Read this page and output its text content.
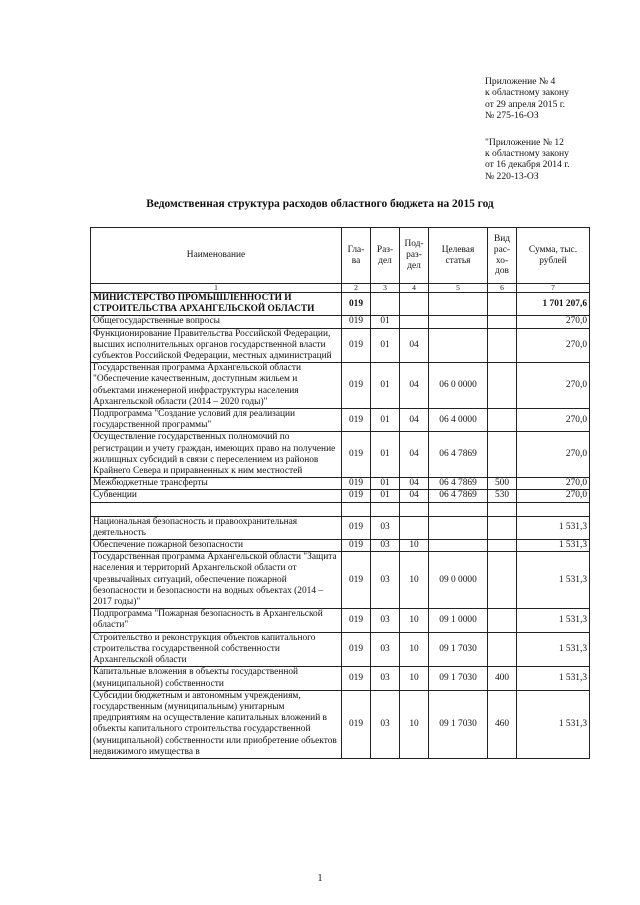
Приложение № 4
к областному закону
от 29 апреля 2015 г.
№ 275-16-ОЗ
"Приложение № 12
к областному закону
от 16 декабря 2014 г.
№ 220-13-ОЗ
Ведомственная структура расходов областного бюджета на 2015 год
Наименование	Гла-ва	Раз-дел	Под-раз-дел	Целевая статья	Вид рас-хо-дов	Сумма, тыс. рублей
1	2	3	4	5	6	7
МИНИСТЕРСТВО ПРОМЫШЛЕННОСТИ И СТРОИТЕЛЬСТВА АРХАНГЕЛЬСКОЙ ОБЛАСТИ	019					1 701 207,6
Общегосударственные вопросы	019	01				270,0
Функционирование Правительства Российской Федерации, высших исполнительных органов государственной власти субъектов Российской Федерации, местных администраций	019	01	04			270,0
Государственная программа Архангельской области "Обеспечение качественным, доступным жильем и объектами инженерной инфраструктуры населения Архангельской области (2014 – 2020 годы)"	019	01	04	06 0 0000		270,0
Подпрограмма "Создание условий для реализации государственной программы"	019	01	04	06 4 0000		270,0
Осуществление государственных полномочий по регистрации и учету граждан, имеющих право на получение жилищных субсидий в связи с переселением из районов Крайнего Севера и приравненных к ним местностей	019	01	04	06 4 7869		270,0
Межбюджетные трансферты	019	01	04	06 4 7869	500	270,0
Субвенции	019	01	04	06 4 7869	530	270,0

Национальная безопасность и правоохранительная деятельность	019	03				1 531,3
Обеспечение пожарной безопасности	019	03	10			1 531,3
Государственная программа Архангельской области "Защита населения и территорий Архангельской области от чрезвычайных ситуаций, обеспечение пожарной безопасности и безопасности на водных объектах (2014 – 2017 годы)"	019	03	10	09 0 0000		1 531,3
Подпрограмма "Пожарная безопасность в Архангельской области"	019	03	10	09 1 0000		1 531,3
Строительство и реконструкция объектов капитального строительства государственной собственности Архангельской области	019	03	10	09 1 7030		1 531,3
Капитальные вложения в объекты государственной (муниципальной) собственности	019	03	10	09 1 7030	400	1 531,3
Субсидии бюджетным и автономным учреждениям, государственным (муниципальным) унитарным предприятиям на осуществление капитальных вложений в объекты капитального строительства государственной (муниципальной) собственности или приобретение объектов недвижимого имущества в	019	03	10	09 1 7030	460	1 531,3
1
